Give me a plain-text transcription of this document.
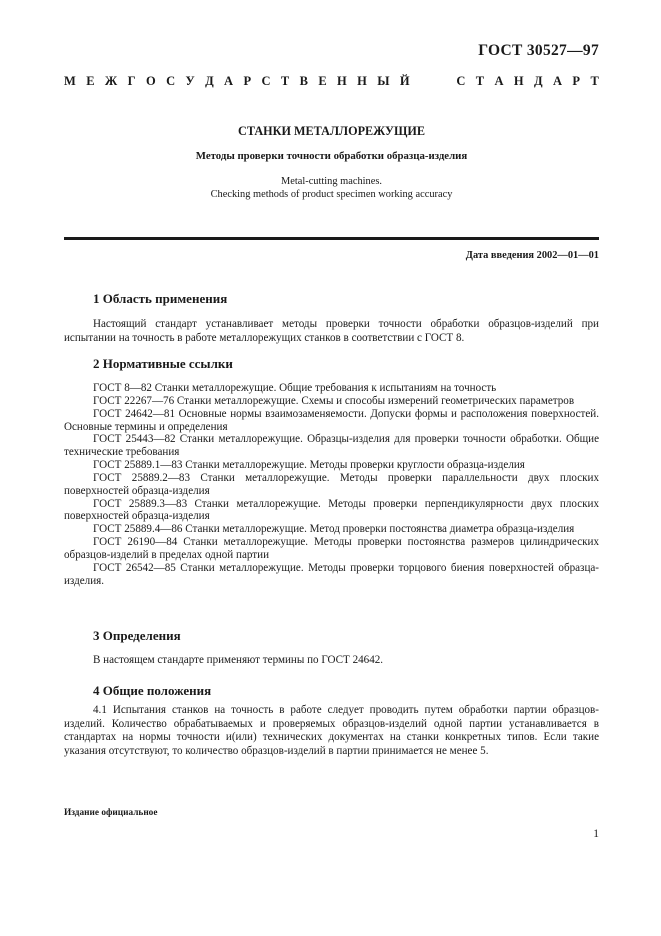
ГОСТ 30527—97
М Е Ж Г О С У Д А Р С Т В Е Н Н Ы Й	С Т А Н Д А Р Т
СТАНКИ МЕТАЛЛОРЕЖУЩИЕ
Методы проверки точности обработки образца-изделия
Metal-cutting machines.
Checking methods of product specimen working accuracy
Дата введения 2002—01—01
1 Область применения
Настоящий стандарт устанавливает методы проверки точности обработки образцов-изделий при испытании на точность в работе металлорежущих станков в соответствии с ГОСТ 8.
2 Нормативные ссылки

ГОСТ 8—82 Станки металлорежущие. Общие требования к испытаниям на точность

ГОСТ 22267—76 Станки металлорежущие. Схемы и способы измерений геометрических параметров

ГОСТ 24642—81 Основные нормы взаимозаменяемости. Допуски формы и расположения поверхностей. Основные термины и определения

ГОСТ 25443—82 Станки металлорежущие. Образцы-изделия для проверки точности обработки. Общие технические требования

ГОСТ 25889.1—83 Станки металлорежущие. Методы проверки круглости образца-изделия

ГОСТ 25889.2—83 Станки металлорежущие. Методы проверки параллельности двух плоских поверхностей образца-изделия

ГОСТ 25889.3—83 Станки металлорежущие. Методы проверки перпендикулярности двух плоских поверхностей образца-изделия

ГОСТ 25889.4—86 Станки металлорежущие. Метод проверки постоянства диаметра образца-изделия

ГОСТ 26190—84 Станки металлорежущие. Методы проверки постоянства размеров цилиндрических образцов-изделий в пределах одной партии

ГОСТ 26542—85 Станки металлорежущие. Методы проверки торцового биения поверхностей образца-изделия.

3 Определения
В настоящем стандарте применяют термины по ГОСТ 24642.
4 Общие положения
4.1 Испытания станков на точность в работе следует проводить путем обработки партии образцов-изделий. Количество обрабатываемых и проверяемых образцов-изделий одной партии устанавливается в стандартах на нормы точности и(или) технических документах на станки конкретных типов. Если такие указания отсутствуют, то количество образцов-изделий в партии принимается не менее 5.
Издание официальное
1
